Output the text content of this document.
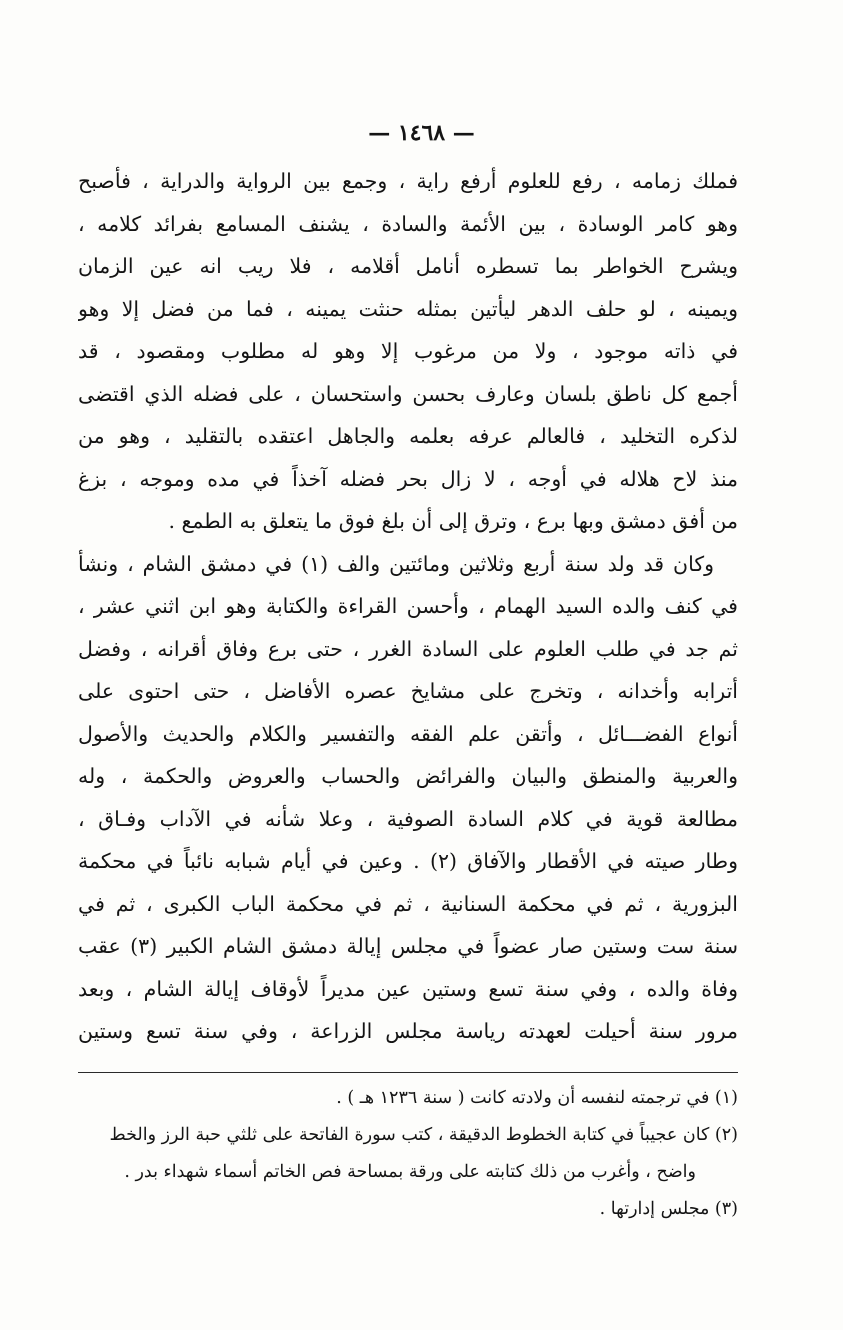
— ١٤٦٨ —
فملك زمامه ، رفع للعلوم أرفع راية ، وجمع بين الرواية والدراية ، فأصبح
وهو كامر الوسادة ، بين الأئمة والسادة ، يشنف المسامع بفرائد كلامه ،
ويشرح الخواطر بما تسطره أنامل أقلامه ، فلا ريب انه عين الزمان
ويمينه ، لو حلف الدهر ليأتين بمثله حنثت يمينه ، فما من فضل إلا وهو
في ذاته موجود ، ولا من مرغوب إلا وهو له مطلوب ومقصود ، قد
أجمع كل ناطق بلسان وعارف بحسن واستحسان ، على فضله الذي اقتضى
لذكره التخليد ، فالعالم عرفه بعلمه والجاهل اعتقده بالتقليد ، وهو من
منذ لاح هلاله في أوجه ، لا زال بحر فضله آخذاً في مده وموجه ، بزغ
من أفق دمشق وبها برع ، وترق إلى أن بلغ فوق ما يتعلق به الطمع .
وكان قد ولد سنة أربع وثلاثين ومائتين والف (١) في دمشق الشام ، ونشأ
في كنف والده السيد الهمام ، وأحسن القراءة والكتابة وهو ابن اثني عشر ،
ثم جد في طلب العلوم على السادة الغرر ، حتى برع وفاق أقرانه ، وفضل
أترابه وأخدانه ، وتخرج على مشايخ عصره الأفاضل ، حتى احتوى على
أنواع الفضـــائل ، وأتقن علم الفقه والتفسير والكلام والحديث والأصول
والعربية والمنطق والبيان والفرائض والحساب والعروض والحكمة ، وله
مطالعة قوية في كلام السادة الصوفية ، وعلا شأنه في الآداب وفـاق ،
وطار صيته في الأقطار والآفاق (٢) . وعين في أيام شبابه نائباً في محكمة
البزورية ، ثم في محكمة السنانية ، ثم في محكمة الباب الكبرى ، ثم في
سنة ست وستين صار عضواً في مجلس إيالة دمشق الشام الكبير (٣) عقب
وفاة والده ، وفي سنة تسع وستين عين مديراً لأوقاف إيالة الشام ، وبعد
مرور سنة أحيلت لعهدته رياسة مجلس الزراعة ، وفي سنة تسع وستين
(١) في ترجمته لنفسه أن ولادته كانت ( سنة ١٢٣٦ هـ ) .
(٢) كان عجيباً في كتابة الخطوط الدقيقة ، كتب سورة الفاتحة على ثلثي حبة الرز والخط
واضح ، وأغرب من ذلك كتابته على ورقة بمساحة فص الخاتم أسماء شهداء بدر .
(٣) مجلس إدارتها .
